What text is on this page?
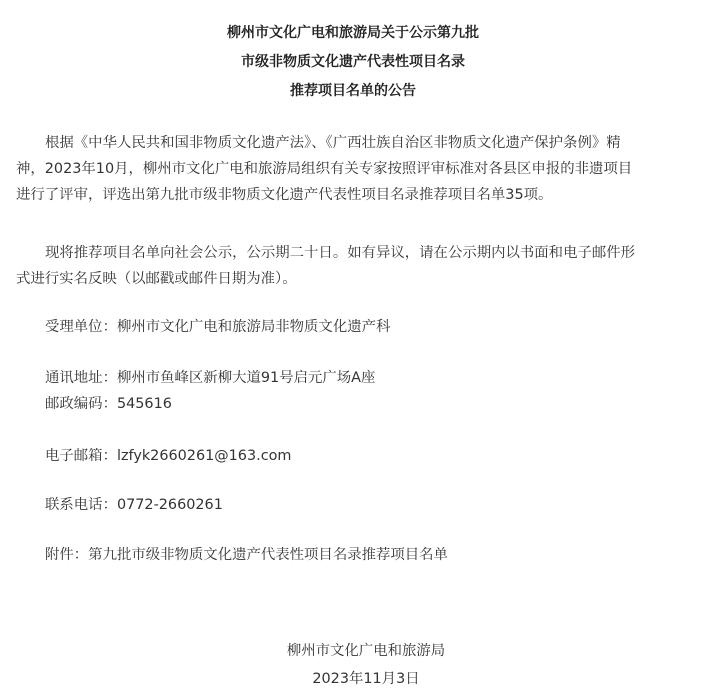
柳州市文化广电和旅游局关于公示第九批
市级非物质文化遗产代表性项目名录
推荐项目名单的公告
根据《中华人民共和国非物质文化遗产法》、《广西壮族自治区非物质文化遗产保护条例》精
神，2023年10月，柳州市文化广电和旅游局组织有关专家按照评审标准对各县区申报的非遗项目
进行了评审，评选出第九批市级非物质文化遗产代表性项目名录推荐项目名单35项。
现将推荐项目名单向社会公示，公示期二十日。如有异议，请在公示期内以书面和电子邮件形
式进行实名反映（以邮戳或邮件日期为准）。
受理单位：柳州市文化广电和旅游局非物质文化遗产科
通讯地址：柳州市鱼峰区新柳大道91号启元广场A座
邮政编码：545616
电子邮箱：lzfyk2660261@163.com
联系电话：0772-2660261
附件：第九批市级非物质文化遗产代表性项目名录推荐项目名单
柳州市文化广电和旅游局
2023年11月3日
